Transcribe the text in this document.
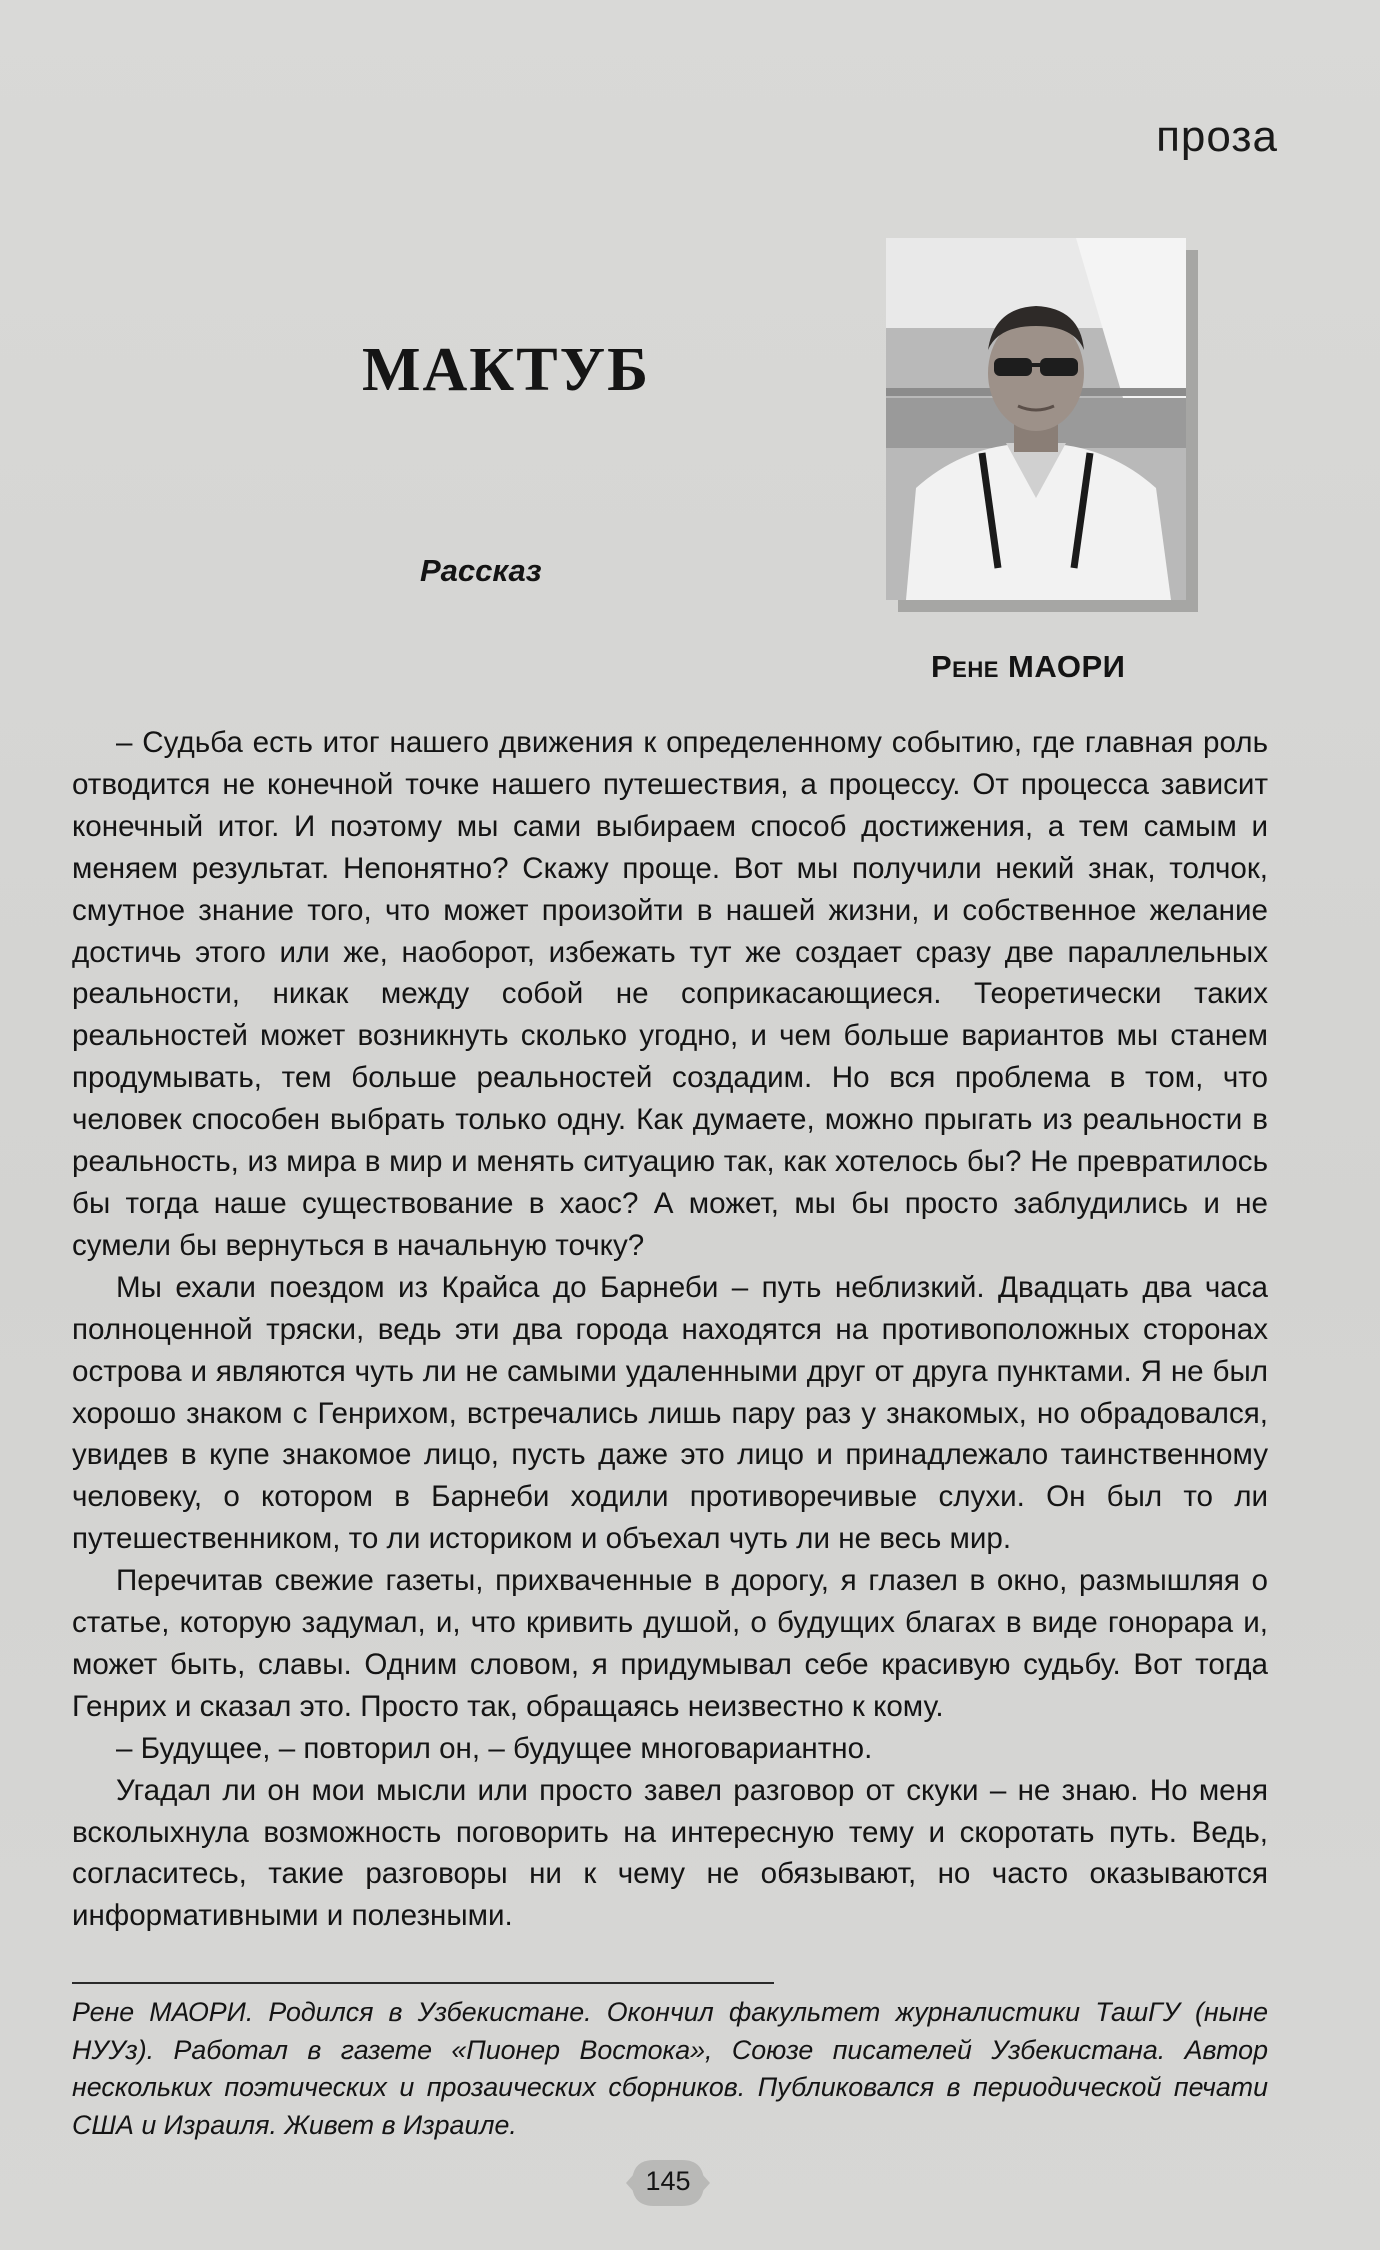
проза
МАКТУБ
Рассказ
Рене МАОРИ

– Судьба есть итог нашего движения к определенному событию, где главная роль отводится не конечной точке нашего путешествия, а процессу. От процесса зависит конечный итог. И поэтому мы сами выбираем способ достижения, а тем самым и меняем результат. Непонятно? Скажу проще. Вот мы получили некий знак, толчок, смутное знание того, что может произойти в нашей жизни, и собственное желание достичь этого или же, наоборот, избежать тут же создает сразу две параллельных реальности, никак между собой не соприкасающиеся. Теоретически таких реальностей может возникнуть сколько угодно, и чем больше вариантов мы станем продумывать, тем больше реальностей создадим. Но вся проблема в том, что человек способен выбрать только одну. Как думаете, можно прыгать из реальности в реальность, из мира в мир и менять ситуацию так, как хотелось бы? Не превратилось бы тогда наше существование в хаос? А может, мы бы просто заблудились и не сумели бы вернуться в начальную точку?

Мы ехали поездом из Крайса до Барнеби – путь неблизкий. Двадцать два часа полноценной тряски, ведь эти два города находятся на противоположных сторонах острова и являются чуть ли не самыми удаленными друг от друга пунктами. Я не был хорошо знаком с Генрихом, встречались лишь пару раз у знакомых, но обрадовался, увидев в купе знакомое лицо, пусть даже это лицо и принадлежало таинственному человеку, о котором в Барнеби ходили противоречивые слухи. Он был то ли путешественником, то ли историком и объехал чуть ли не весь мир.

Перечитав свежие газеты, прихваченные в дорогу, я глазел в окно, размышляя о статье, которую задумал, и, что кривить душой, о будущих благах в виде гонорара и, может быть, славы. Одним словом, я придумывал себе красивую судьбу. Вот тогда Генрих и сказал это. Просто так, обращаясь неизвестно к кому.

– Будущее, – повторил он, – будущее многовариантно.

Угадал ли он мои мысли или просто завел разговор от скуки – не знаю. Но меня всколыхнула возможность поговорить на интересную тему и скоротать путь. Ведь, согласитесь, такие разговоры ни к чему не обязывают, но часто оказываются информативными и полезными.

Рене МАОРИ. Родился в Узбекистане. Окончил факультет журналистики ТашГУ (ныне НУУз). Работал в газете «Пионер Востока», Союзе писателей Узбекистана. Автор нескольких поэтических и прозаических сборников. Публиковался в периодической печати США и Израиля. Живет в Израиле.
145
